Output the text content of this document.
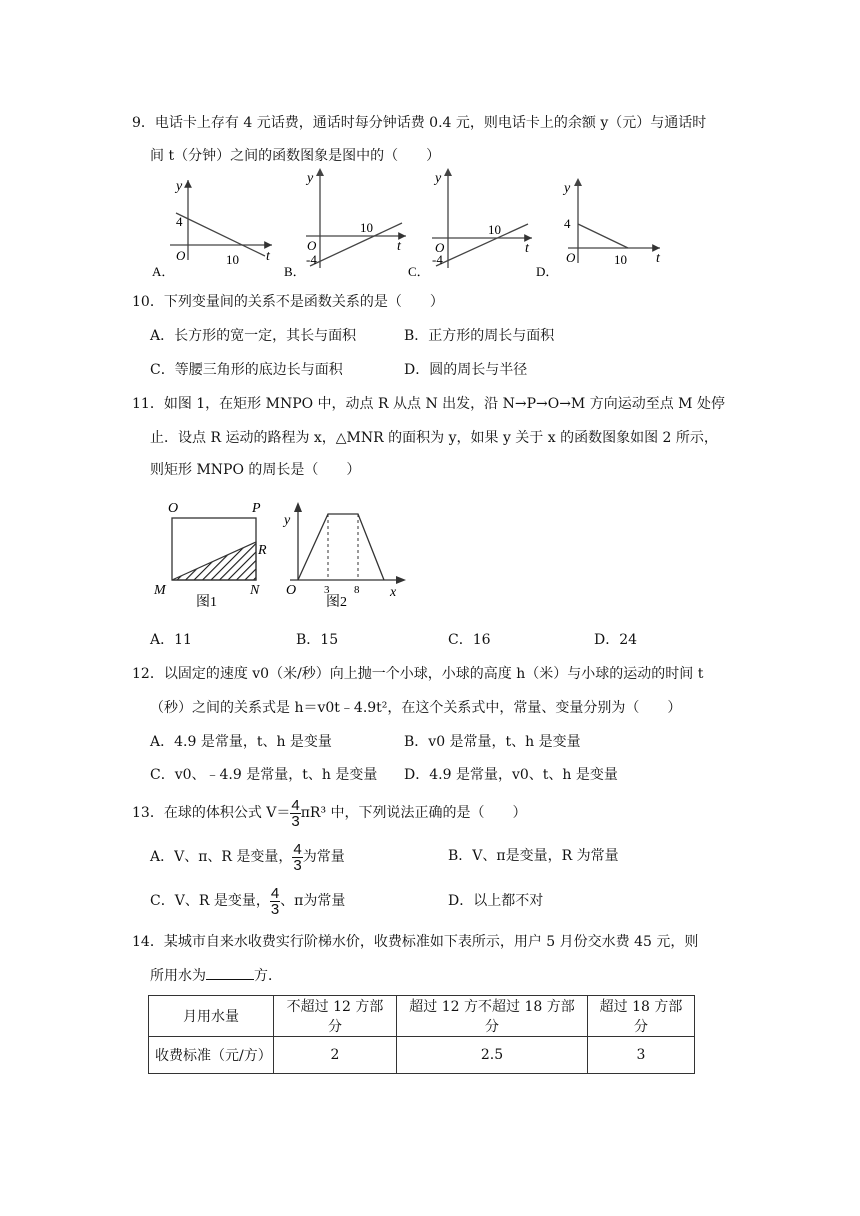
9．电话卡上存有 4 元话费，通话时每分钟话费 0.4 元，则电话卡上的余额 y（元）与通话时
间 t（分钟）之间的函数图象是图中的（　　）
y
4
O	10 t
A．
y
O
-4
10
t
B．
y
O
-4
10
t
C．
y
4
O	10 t
D．
10．下列变量间的关系不是函数关系的是（　　）
A．长方形的宽一定，其长与面积	B．正方形的周长与面积
C．等腰三角形的底边长与面积	D．圆的周长与半径
11．如图 1，在矩形 MNPO 中，动点 R 从点 N 出发，沿 N→P→O→M 方向运动至点 M 处停
止．设点 R 运动的路程为 x，△MNR 的面积为 y，如果 y 关于 x 的函数图象如图 2 所示，
则矩形 MNPO 的周长是（　　）
O	P
R
M	N
图1
y
O	3 8 x
图2
A．11	B．15	C．16	D．24
12．以固定的速度 v0（米/秒）向上抛一个小球，小球的高度 h（米）与小球的运动的时间 t
（秒）之间的关系式是 h＝v0t﹣4.9t²，在这个关系式中，常量、变量分别为（　　）
A．4.9 是常量，t、h 是变量	B．v0 是常量，t、h 是变量
C．v0、﹣4.9 是常量，t、h 是变量 D．4.9 是常量，v0、t、h 是变量
13．在球的体积公式 $V= \frac{4}{3} \pi R^3$ 中，下列说法正确的是（　　）
A．V、π、R 是变量， $\frac{4}{3}$ 为常量	B．V、π是变量，R 为常量
C．V、R 是变量， $\frac{4}{3}$ 、π为常量	D．以上都不对
14．某城市自来水收费实行阶梯水价，收费标准如下表所示，用户 5 月份交水费 45 元，则
所用水为	方．
月用水量	不超过 12 方部分	超过 12 方不超过 18 方部分	超过 18 方部分
收费标准（元/方）	2	2.5	3
